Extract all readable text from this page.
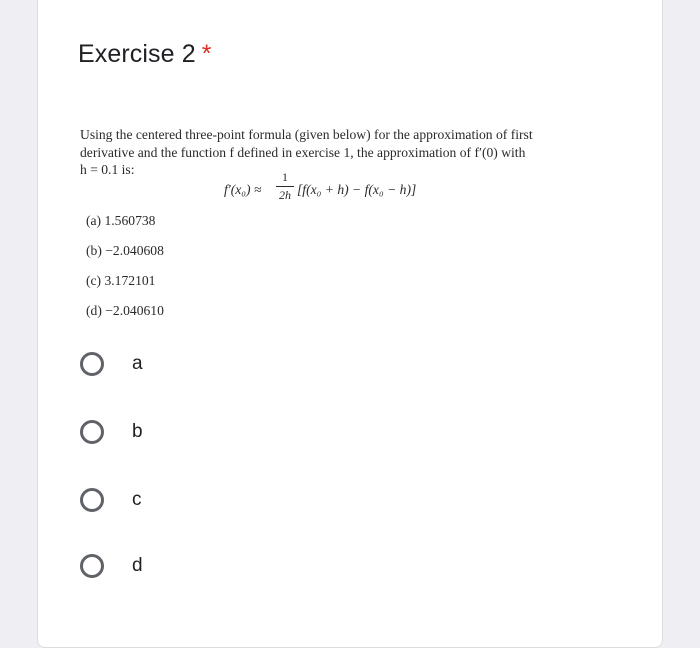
Exercise 2 *
Using the centered three-point formula (given below) for the approximation of first
derivative and the function f defined in exercise 1, the approximation of f′(0) with
h = 0.1 is:
f′(x₀) ≈
1
2h [f(x₀ + h) − f(x₀ − h)]
(a) 1.560738
(b) −2.040608
(c) 3.172101
(d) −2.040610
a
b
c
d
